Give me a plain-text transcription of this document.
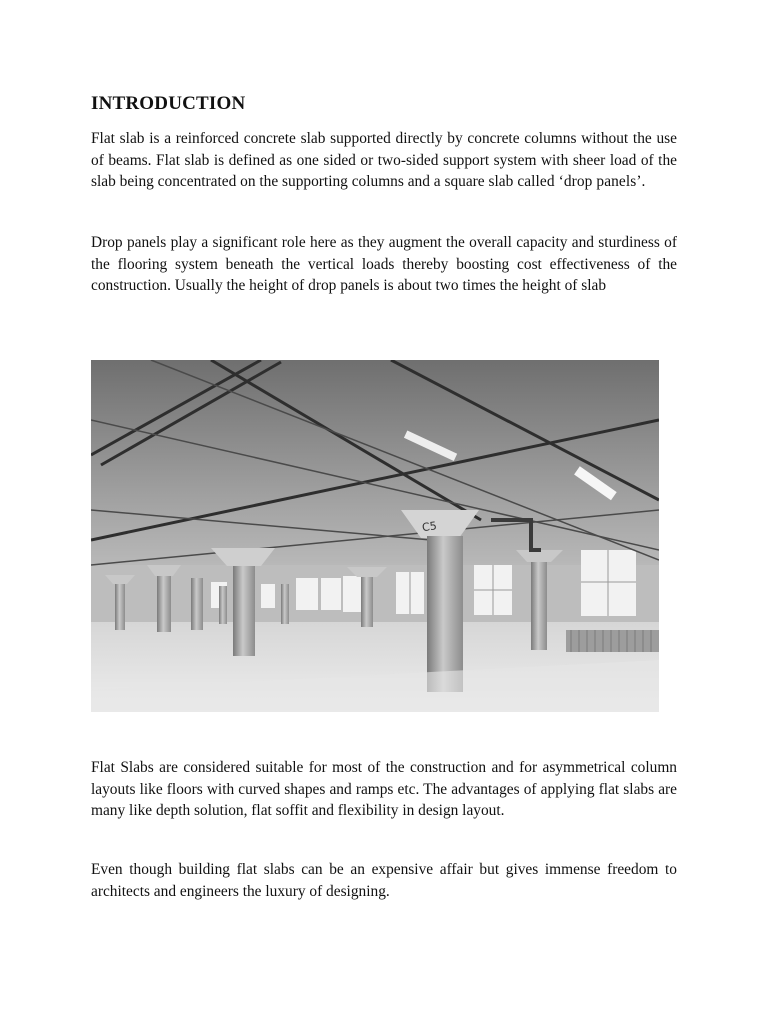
INTRODUCTION

Flat slab is a reinforced concrete slab supported directly by concrete columns without the use of beams. Flat slab is defined as one sided or two-sided support system with sheer load of the slab being concentrated on the supporting columns and a square slab called ‘drop panels’.

Drop panels play a significant role here as they augment the overall capacity and sturdiness of the flooring system beneath the vertical loads thereby boosting cost effectiveness of the construction. Usually the height of drop panels is about two times the height of slab

C5

Flat Slabs are considered suitable for most of the construction and for asymmetrical column layouts like floors with curved shapes and ramps etc. The advantages of applying flat slabs are many like depth solution, flat soffit and flexibility in design layout.

Even though building flat slabs can be an expensive affair but gives immense freedom to architects and engineers the luxury of designing.
